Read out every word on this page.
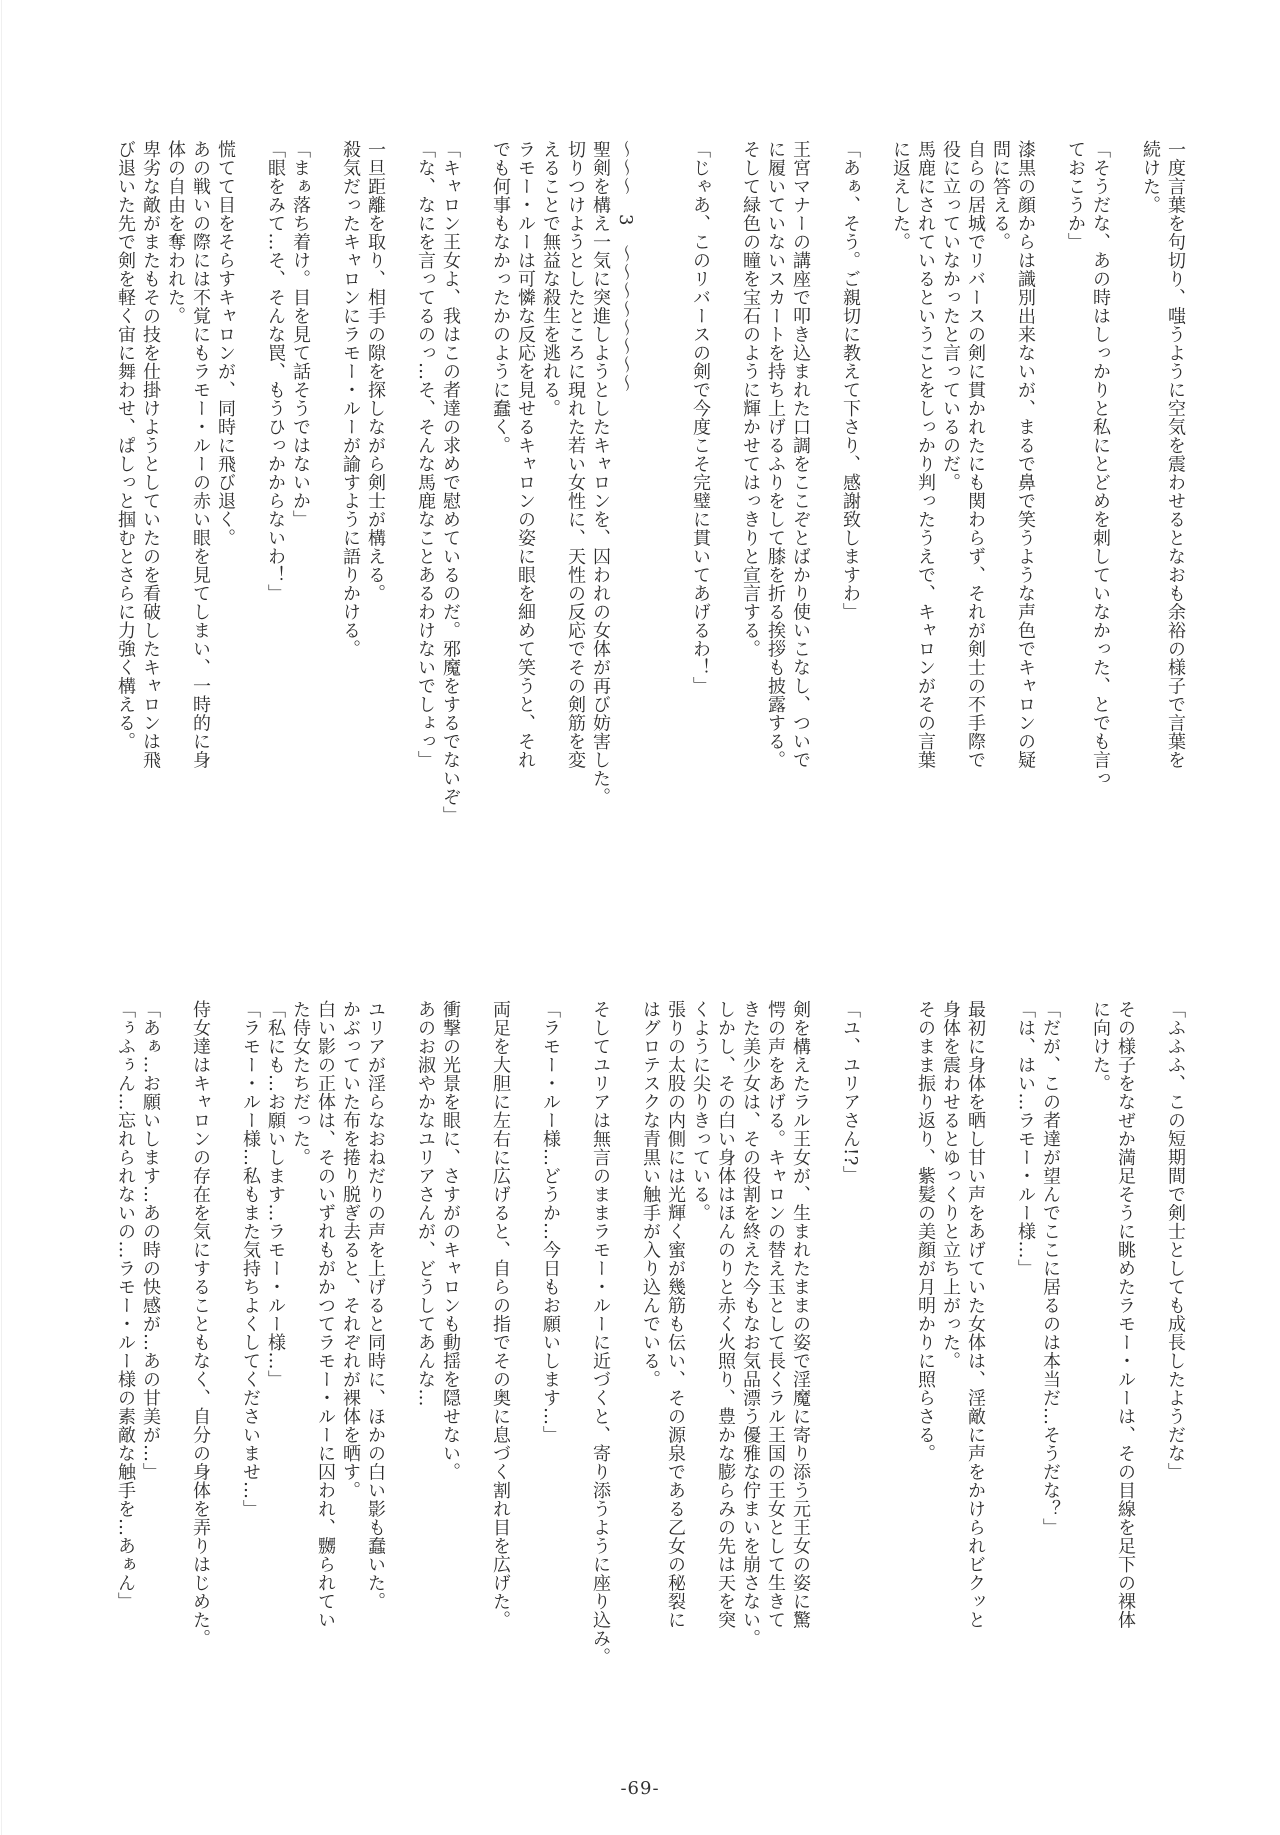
一度言葉を句切り、嗤うように空気を震わせるとなおも余裕の様子で言葉を
続けた。
「そうだな、あの時はしっかりと私にとどめを刺していなかった、とでも言っ
ておこうか」
漆黒の顔からは識別出来ないが、まるで鼻で笑うような声色でキャロンの疑
問に答える。
自らの居城でリバースの剣に貫かれたにも関わらず、それが剣士の不手際で
役に立っていなかったと言っているのだ。
馬鹿にされているということをしっかり判ったうえで、キャロンがその言葉
に返えした。
「あぁ、そう。ご親切に教えて下さり、感謝致しますわ」
王宮マナーの講座で叩き込まれた口調をここぞとばかり使いこなし、ついで
に履いていないスカートを持ち上げるふりをして膝を折る挨拶も披露する。
そして緑色の瞳を宝石のように輝かせてはっきりと宣言する。
「じゃあ、このリバースの剣で今度こそ完璧に貫いてあげるわ！」
〜〜〜　3　〜〜〜〜〜〜〜〜
聖剣を構え一気に突進しようとしたキャロンを、囚われの女体が再び妨害した。
切りつけようとしたところに現れた若い女性に、天性の反応でその剣筋を変
えることで無益な殺生を逃れる。
ラモー・ルーは可憐な反応を見せるキャロンの姿に眼を細めて笑うと、それ
でも何事もなかったかのように蠢く。
「キャロン王女よ、我はこの者達の求めで慰めているのだ。邪魔をするでないぞ」
「な、なにを言ってるのっ…そ、そんな馬鹿なことあるわけないでしょっ」
一旦距離を取り、相手の隙を探しながら剣士が構える。
殺気だったキャロンにラモー・ルーが諭すように語りかける。
「まぁ落ち着け。目を見て話そうではないか」
「眼をみて…そ、そんな罠、もうひっかからないわ！」
慌てて目をそらすキャロンが、同時に飛び退く。
あの戦いの際には不覚にもラモー・ルーの赤い眼を見てしまい、一時的に身
体の自由を奪われた。
卑劣な敵がまたもその技を仕掛けようとしていたのを看破したキャロンは飛
び退いた先で剣を軽く宙に舞わせ、ぱしっと掴むとさらに力強く構える。
「ふふふ、この短期間で剣士としても成長したようだな」
その様子をなぜか満足そうに眺めたラモー・ルーは、その目線を足下の裸体
に向けた。
「だが、この者達が望んでここに居るのは本当だ…そうだな？」
「は、はい…ラモー・ルー様…」
最初に身体を晒し甘い声をあげていた女体は、淫敵に声をかけられビクッと
身体を震わせるとゆっくりと立ち上がった。
そのまま振り返り、紫髪の美顔が月明かりに照らさる。
「ユ、ユリアさん!?」
剣を構えたラル王女が、生まれたままの姿で淫魔に寄り添う元王女の姿に驚
愕の声をあげる。キャロンの替え玉として長くラル王国の王女として生きて
きた美少女は、その役割を終えた今もなお気品漂う優雅な佇まいを崩さない。
しかし、その白い身体はほんのりと赤く火照り、豊かな膨らみの先は天を突
くように尖りきっている。
張りの太股の内側には光輝く蜜が幾筋も伝い、その源泉である乙女の秘裂に
はグロテスクな青黒い触手が入り込んでいる。
そしてユリアは無言のままラモー・ルーに近づくと、寄り添うように座り込み。
「ラモー・ルー様…どうか…今日もお願いします…」
両足を大胆に左右に広げると、自らの指でその奥に息づく割れ目を広げた。
衝撃の光景を眼に、さすがのキャロンも動揺を隠せない。
あのお淑やかなユリアさんが、どうしてあんな…
ユリアが淫らなおねだりの声を上げると同時に、ほかの白い影も蠢いた。
かぶっていた布を捲り脱ぎ去ると、それぞれが裸体を晒す。
白い影の正体は、そのいずれもがかつてラモー・ルーに囚われ、嬲られてい
た侍女たちだった。
「私にも…お願いします…ラモー・ルー様…」
「ラモー・ルー様…私もまた気持ちよくしてくださいませ…」
侍女達はキャロンの存在を気にすることもなく、自分の身体を弄りはじめた。
「あぁ…お願いします…あの時の快感が…あの甘美が…」
「ぅふぅん…忘れられないの…ラモー・ルー様の素敵な触手を…あぁん」
-69-
